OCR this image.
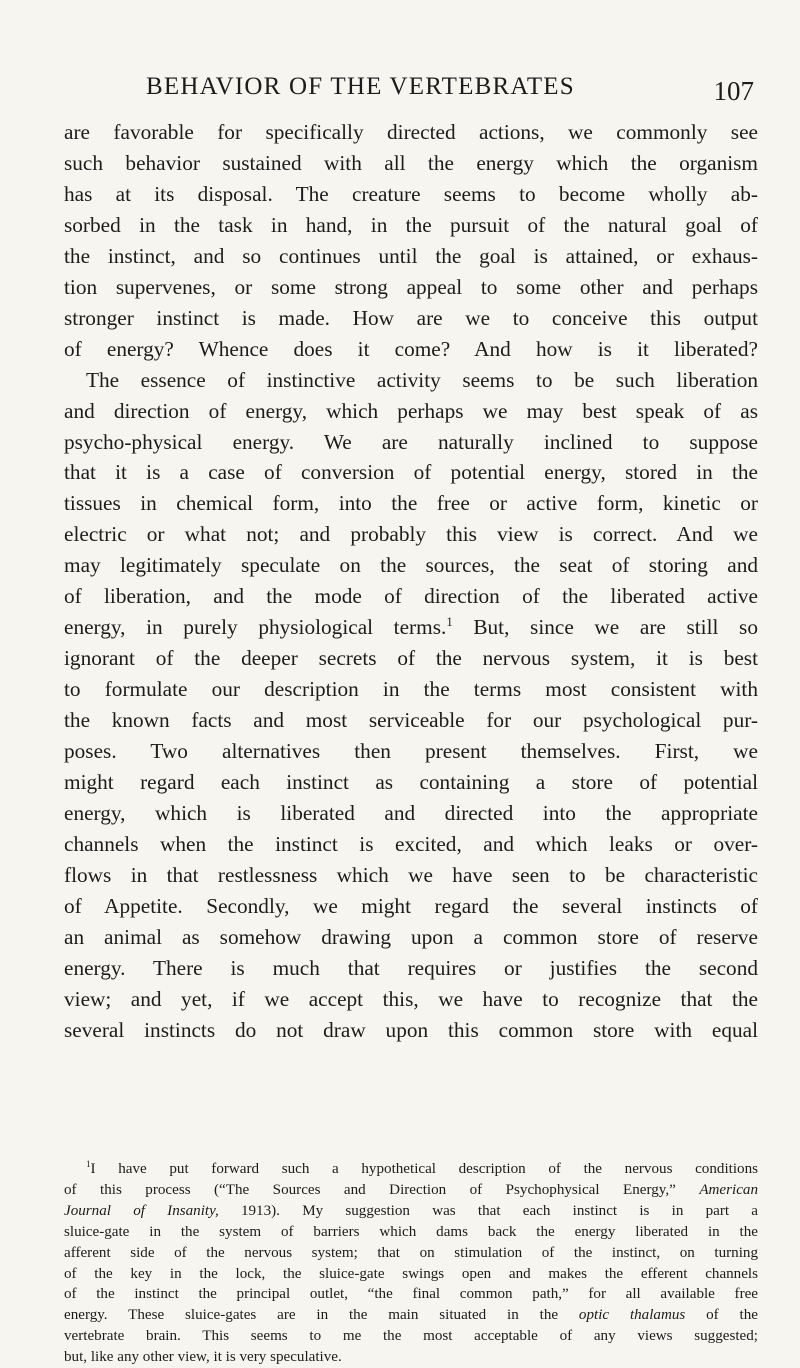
BEHAVIOR OF THE VERTEBRATES	107
are favorable for specifically directed actions, we commonly see
such behavior sustained with all the energy which the organism
has at its disposal. The creature seems to become wholly ab-
sorbed in the task in hand, in the pursuit of the natural goal of
the instinct, and so continues until the goal is attained, or exhaus-
tion supervenes, or some strong appeal to some other and perhaps
stronger instinct is made. How are we to conceive this output
of energy? Whence does it come? And how is it liberated?
The essence of instinctive activity seems to be such liberation
and direction of energy, which perhaps we may best speak of as
psycho-physical energy. We are naturally inclined to suppose
that it is a case of conversion of potential energy, stored in the
tissues in chemical form, into the free or active form, kinetic or
electric or what not; and probably this view is correct. And we
may legitimately speculate on the sources, the seat of storing and
of liberation, and the mode of direction of the liberated active
energy, in purely physiological terms.$^1$ But, since we are still so
ignorant of the deeper secrets of the nervous system, it is best
to formulate our description in the terms most consistent with
the known facts and most serviceable for our psychological pur-
poses. Two alternatives then present themselves. First, we
might regard each instinct as containing a store of potential
energy, which is liberated and directed into the appropriate
channels when the instinct is excited, and which leaks or over-
flows in that restlessness which we have seen to be characteristic
of Appetite. Secondly, we might regard the several instincts of
an animal as somehow drawing upon a common store of reserve
energy. There is much that requires or justifies the second
view; and yet, if we accept this, we have to recognize that the
several instincts do not draw upon this common store with equal
$^1$I have put forward such a hypothetical description of the nervous conditions
of this process (“The Sources and Direction of Psychophysical Energy,” American
Journal of Insanity, 1913). My suggestion was that each instinct is in part a
sluice-gate in the system of barriers which dams back the energy liberated in the
afferent side of the nervous system; that on stimulation of the instinct, on turning
of the key in the lock, the sluice-gate swings open and makes the efferent channels
of the instinct the principal outlet, “the final common path,” for all available free
energy. These sluice-gates are in the main situated in the optic thalamus of the
vertebrate brain. This seems to me the most acceptable of any views suggested;
but, like any other view, it is very speculative.
